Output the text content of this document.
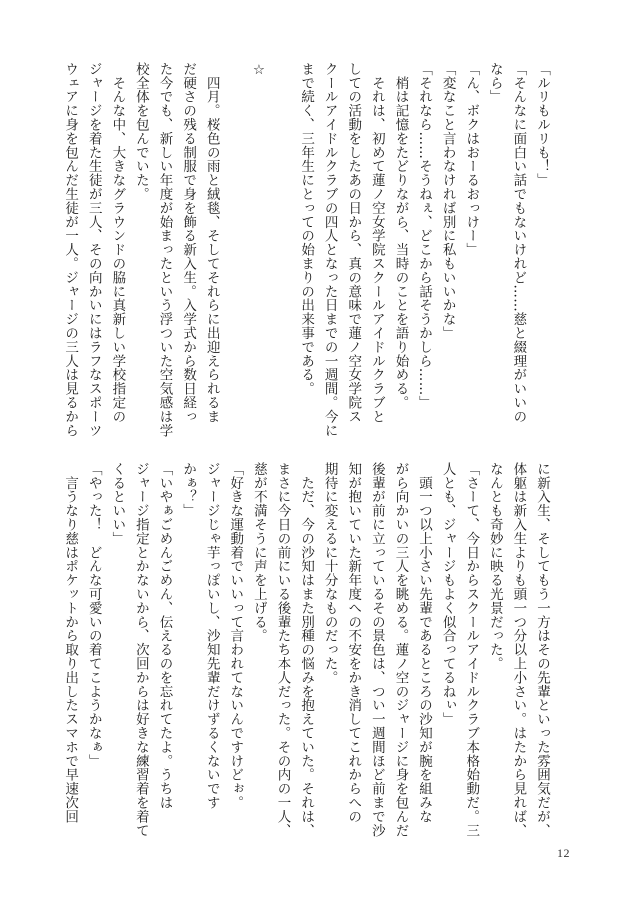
「ルリもルリも！」
「そんなに面白い話でもないけれど……慈と綴理がいいの
なら」
「ん、ボクはおーるおっけー」
「変なこと言わなければ別に私もいいかな」
「それなら……そうねぇ、どこから話そうかしら……」
　梢は記憶をたどりながら、当時のことを語り始める。
　それは、初めて蓮ノ空女学院スクールアイドルクラブと
しての活動をしたあの日から、真の意味で蓮ノ空女学院ス
クールアイドルクラブの四人となった日までの一週間。今に
まで続く、三年生にとっての始まりの出来事である。
☆
　四月。桜色の雨と絨毯、そしてそれらに出迎えられるま
だ硬さの残る制服で身を飾る新入生。入学式から数日経っ
た今でも、新しい年度が始まったという浮ついた空気感は学
校全体を包んでいた。
　そんな中、大きなグラウンドの脇に真新しい学校指定の
ジャージを着た生徒が三人、その向かいにはラフなスポーツ
ウェアに身を包んだ生徒が一人。ジャージの三人は見るから
に新入生、そしてもう一方はその先輩といった雰囲気だが、
体躯は新入生よりも頭一つ分以上小さい。はたから見れば、
なんとも奇妙に映る光景だった。
「さーて、今日からスクールアイドルクラブ本格始動だ。三
人とも、ジャージもよく似合ってるねぃ」
　頭一つ以上小さい先輩であるところの沙知が腕を組みな
がら向かいの三人を眺める。蓮ノ空のジャージに身を包んだ
後輩が前に立っているその景色は、つい一週間ほど前まで沙
知が抱いていた新年度への不安をかき消してこれからへの
期待に変えるに十分なものだった。
　ただ、今の沙知はまた別種の悩みを抱えていた。それは、
まさに今日の前にいる後輩たち本人だった。その内の一人、
慈が不満そうに声を上げる。
「好きな運動着でいいって言われてないんですけどぉ。
ジャージじゃ芋っぽいし、沙知先輩だけずるくないです
かぁ？」
「いやぁごめんごめん、伝えるのを忘れてたよ。うちは
ジャージ指定とかないから、次回からは好きな練習着を着て
くるといい」
「やった！　どんな可愛いの着てこようかなぁ」
　言うなり慈はポケットから取り出したスマホで早速次回
12
